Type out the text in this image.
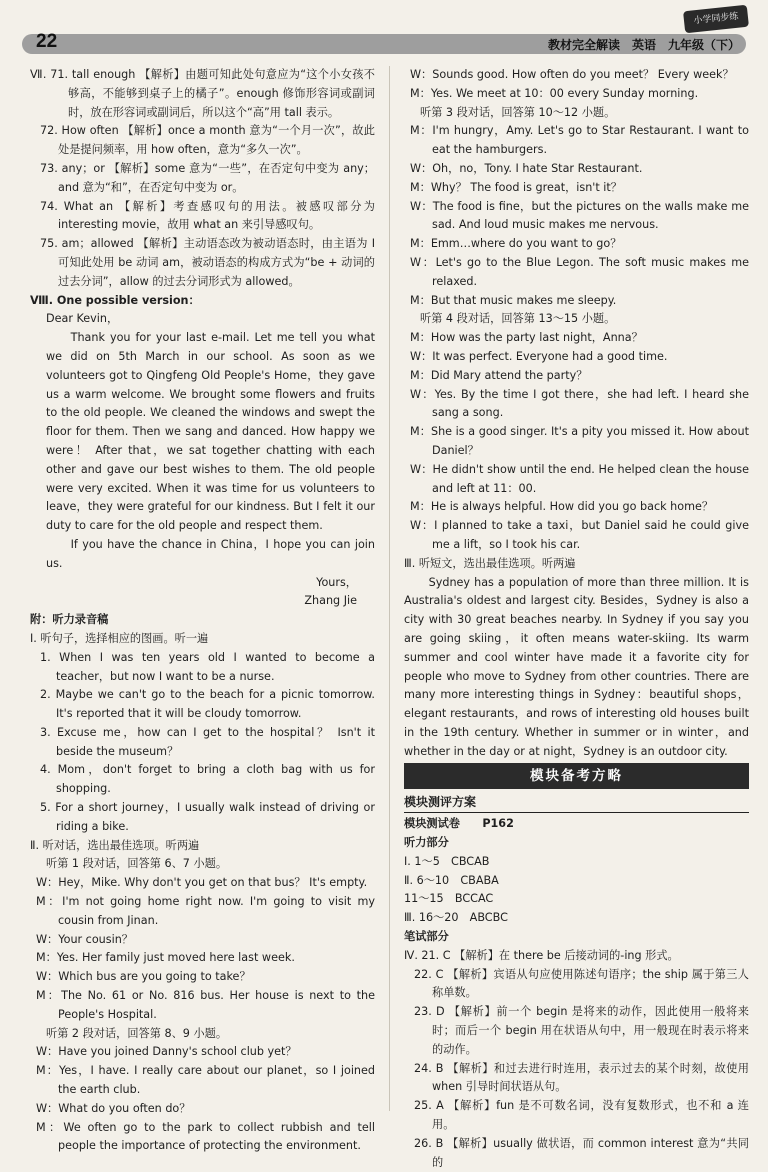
22	教材完全解读　英语　九年级（下）
小学同步练

Ⅶ. 71. tall enough 【解析】由题可知此处句意应为“这个小女孩不够高，不能够到桌子上的橘子”。enough 修饰形容词或副词时，放在形容词或副词后，所以这个“高”用 tall 表示。

72. How often 【解析】once a month 意为“一个月一次”，故此处是提问频率，用 how often，意为“多久一次”。

73. any；or 【解析】some 意为“一些”，在否定句中变为 any；and 意为“和”，在否定句中变为 or。

74. What an 【解析】考查感叹句的用法。被感叹部分为 interesting movie，故用 what an 来引导感叹句。

75. am；allowed 【解析】主动语态改为被动语态时，由主语为 I 可知此处用 be 动词 am，被动语态的构成方式为“be + 动词的过去分词”，allow 的过去分词形式为 allowed。

Ⅷ. One possible version：

Dear Kevin，

Thank you for your last e-mail. Let me tell you what we did on 5th March in our school. As soon as we volunteers got to Qingfeng Old People's Home，they gave us a warm welcome. We brought some flowers and fruits to the old people. We cleaned the windows and swept the floor for them. Then we sang and danced. How happy we were！ After that，we sat together chatting with each other and gave our best wishes to them. The old people were very excited. When it was time for us volunteers to leave，they were grateful for our kindness. But I felt it our duty to care for the old people and respect them.

If you have the chance in China，I hope you can join us.

Yours，

Zhang Jie

附：听力录音稿

Ⅰ. 听句子，选择相应的图画。听一遍

1. When I was ten years old I wanted to become a teacher，but now I want to be a nurse.

2. Maybe we can't go to the beach for a picnic tomorrow. It's reported that it will be cloudy tomorrow.

3. Excuse me，how can I get to the hospital？ Isn't it beside the museum？

4. Mom，don't forget to bring a cloth bag with us for shopping.

5. For a short journey，I usually walk instead of driving or riding a bike.

Ⅱ. 听对话，选出最佳选项。听两遍

听第 1 段对话，回答第 6、7 小题。

W：Hey，Mike. Why don't you get on that bus？ It's empty.

M：I'm not going home right now. I'm going to visit my cousin from Jinan.

W：Your cousin？

M：Yes. Her family just moved here last week.

W：Which bus are you going to take？

M：The No. 61 or No. 816 bus. Her house is next to the People's Hospital.

听第 2 段对话，回答第 8、9 小题。

W：Have you joined Danny's school club yet？

M：Yes，I have. I really care about our planet，so I joined the earth club.

W：What do you often do？

M：We often go to the park to collect rubbish and tell people the importance of protecting the environment.

W：Sounds good. How often do you meet？ Every week？

M：Yes. We meet at 10：00 every Sunday morning.

听第 3 段对话，回答第 10～12 小题。

M：I'm hungry，Amy. Let's go to Star Restaurant. I want to eat the hamburgers.

W：Oh，no，Tony. I hate Star Restaurant.

M：Why？ The food is great，isn't it？

W：The food is fine，but the pictures on the walls make me sad. And loud music makes me nervous.

M：Emm…where do you want to go？

W：Let's go to the Blue Legon. The soft music makes me relaxed.

M：But that music makes me sleepy.

听第 4 段对话，回答第 13～15 小题。

M：How was the party last night，Anna？

W：It was perfect. Everyone had a good time.

M：Did Mary attend the party？

W：Yes. By the time I got there，she had left. I heard she sang a song.

M：She is a good singer. It's a pity you missed it. How about Daniel？

W：He didn't show until the end. He helped clean the house and left at 11：00.

M：He is always helpful. How did you go back home？

W：I planned to take a taxi，but Daniel said he could give me a lift，so I took his car.

Ⅲ. 听短文，选出最佳选项。听两遍

Sydney has a population of more than three million. It is Australia's oldest and largest city. Besides，Sydney is also a city with 30 great beaches nearby. In Sydney if you say you are going skiing，it often means water-skiing. Its warm summer and cool winter have made it a favorite city for people who move to Sydney from other countries. There are many more interesting things in Sydney：beautiful shops，elegant restaurants，and rows of interesting old houses built in the 19th century. Whether in summer or in winter，and whether in the day or at night，Sydney is an outdoor city.

模块备考方略
模块测评方案

模块测试卷　　P162

听力部分

Ⅰ. 1～5　CBCAB

Ⅱ. 6～10　CBABA

11～15　BCCAC

Ⅲ. 16～20　ABCBC

笔试部分

Ⅳ. 21. C 【解析】在 there be 后接动词的-ing 形式。

22. C 【解析】宾语从句应使用陈述句语序；the ship 属于第三人称单数。

23. D 【解析】前一个 begin 是将来的动作，因此使用一般将来时；而后一个 begin 用在状语从句中，用一般现在时表示将来的动作。

24. B 【解析】和过去进行时连用，表示过去的某个时刻，故使用 when 引导时间状语从句。

25. A 【解析】fun 是不可数名词，没有复数形式，也不和 a 连用。

26. B 【解析】usually 做状语，而 common interest 意为“共同的
